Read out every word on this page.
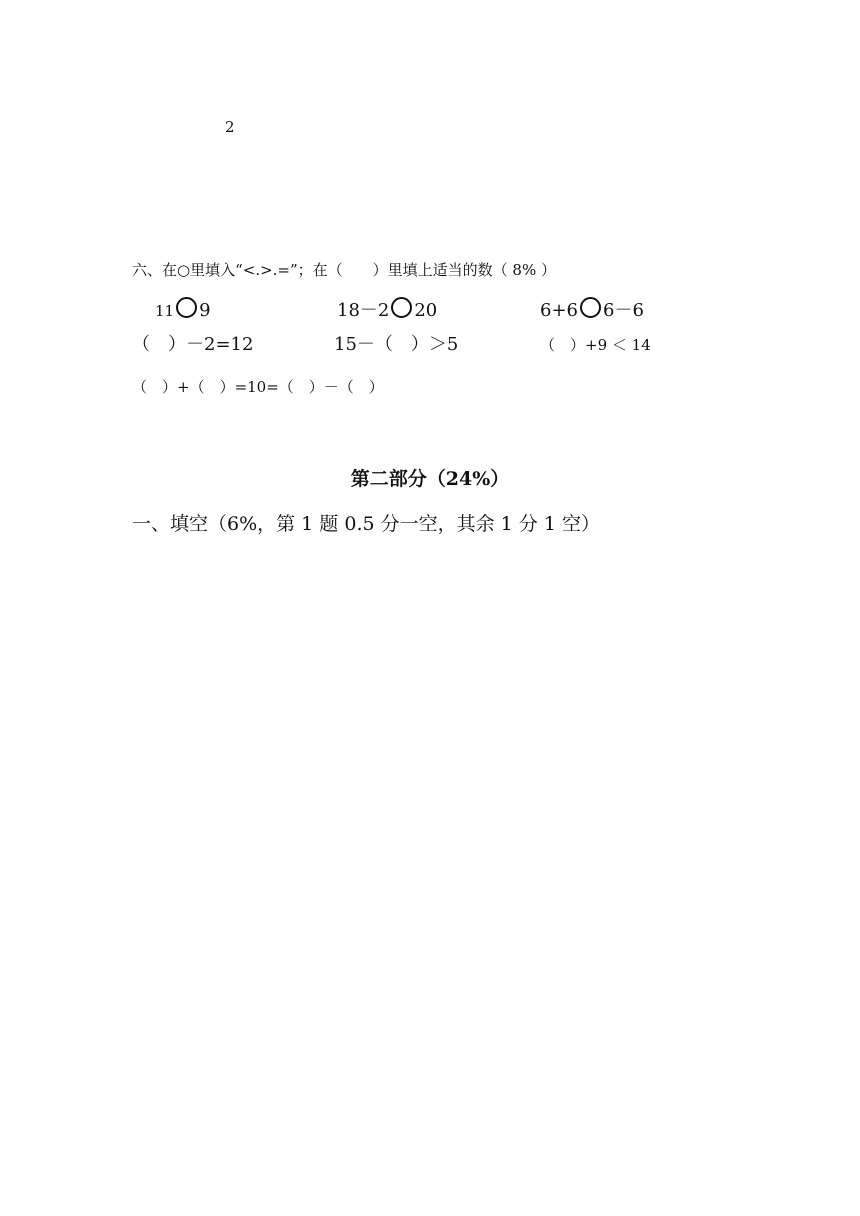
2
六、在○里填入“<.>.=”；在（　　）里填上适当的数（ 8% ）
11 9	18－2 20	6+6 6－6
（　）－2=12	15－（　）＞5	（　）+9 ＜ 14
（　）+（　）=10=（　）－（　）
第二部分（24%）
一、填空（6%，第 1 题 0.5 分一空，其余 1 分 1 空）
